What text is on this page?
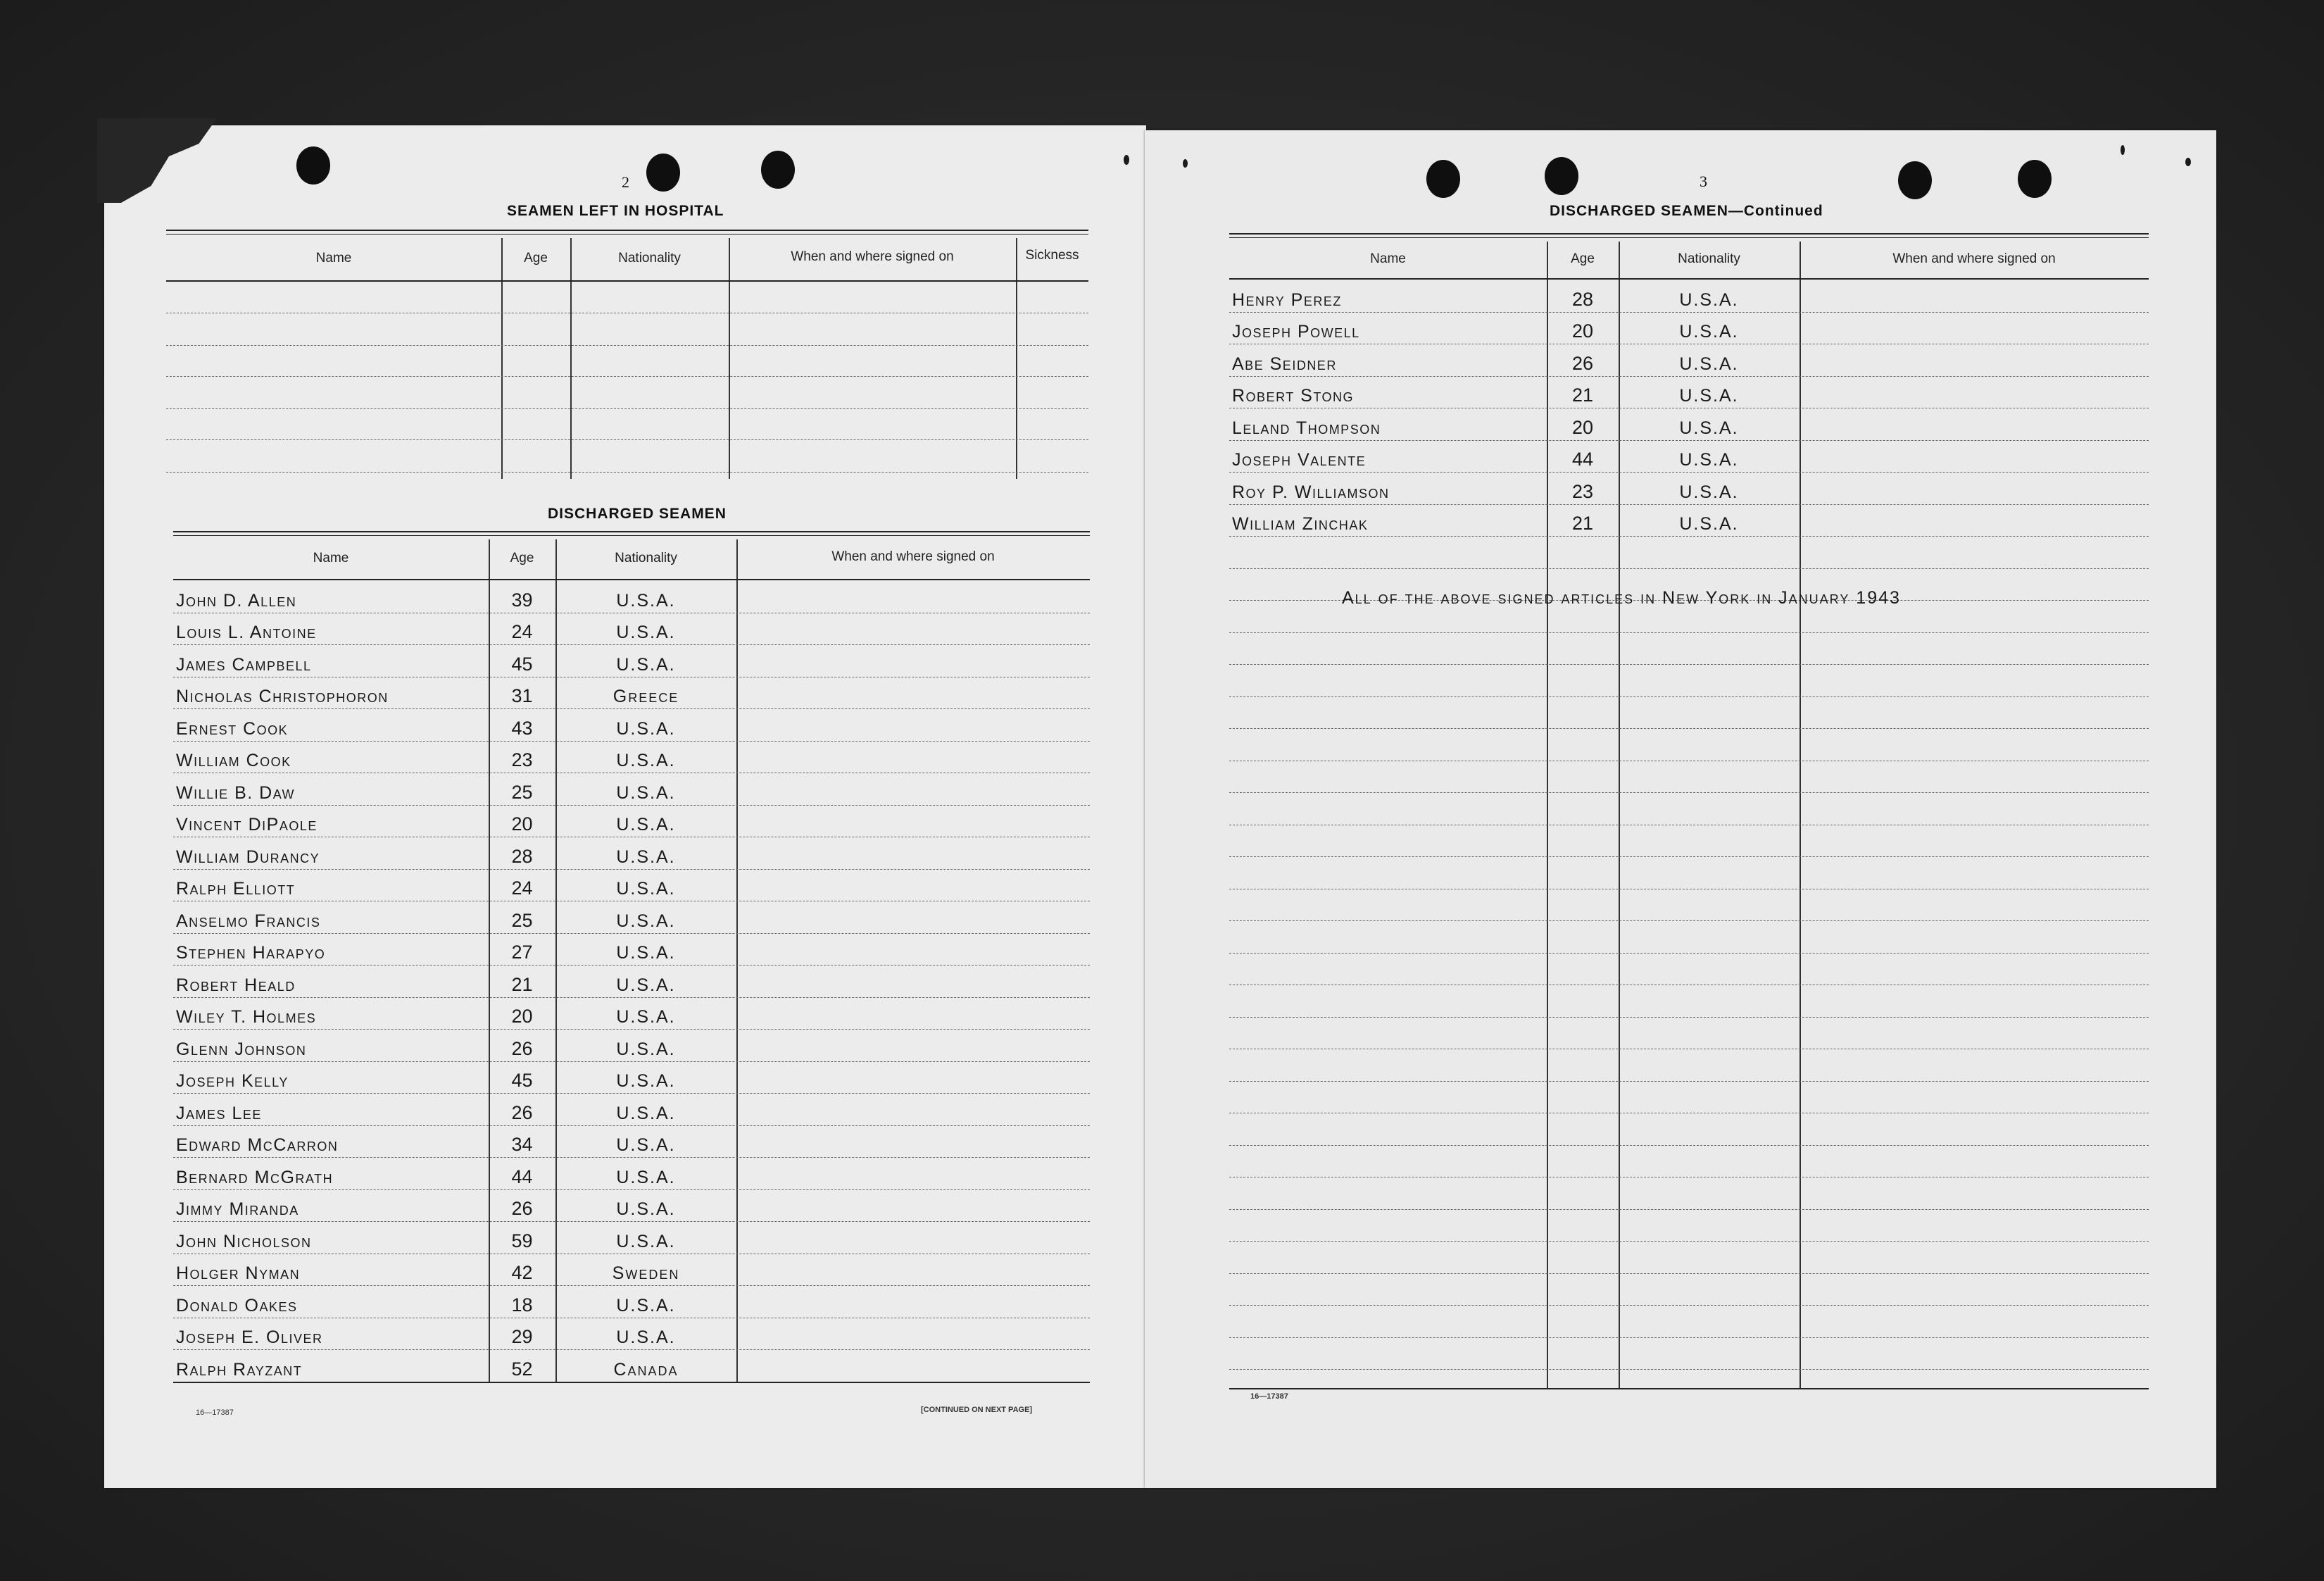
2
SEAMEN LEFT IN HOSPITAL
Name	Age	Nationality	When and where signed on	Sickness
DISCHARGED SEAMEN
Name	Age	Nationality	When and where signed on
John D. Allen	39	U.S.A.
Louis L. Antoine	24	U.S.A.
James Campbell	45	U.S.A.
Nicholas Christophoron	31	Greece
Ernest Cook	43	U.S.A.
William Cook	23	U.S.A.
Willie B. Daw	25	U.S.A.
Vincent DiPaole	20	U.S.A.
William Durancy	28	U.S.A.
Ralph Elliott	24	U.S.A.
Anselmo Francis	25	U.S.A.
Stephen Harapyo	27	U.S.A.
Robert Heald	21	U.S.A.
Wiley T. Holmes	20	U.S.A.
Glenn Johnson	26	U.S.A.
Joseph Kelly	45	U.S.A.
James Lee	26	U.S.A.
Edward McCarron	34	U.S.A.
Bernard McGrath	44	U.S.A.
Jimmy Miranda	26	U.S.A.
John Nicholson	59	U.S.A.
Holger Nyman	42	Sweden
Donald Oakes	18	U.S.A.
Joseph E. Oliver	29	U.S.A.
Ralph Rayzant	52	Canada
16—17387	[CONTINUED ON NEXT PAGE]
3
DISCHARGED SEAMEN—Continued
Name	Age	Nationality	When and where signed on
Henry Perez	28	U.S.A.
Joseph Powell	20	U.S.A.
Abe Seidner	26	U.S.A.
Robert Stong	21	U.S.A.
Leland Thompson	20	U.S.A.
Joseph Valente	44	U.S.A.
Roy P. Williamson	23	U.S.A.
William Zinchak	21	U.S.A.
All of the above signed articles in New York in January 1943
16—17387
